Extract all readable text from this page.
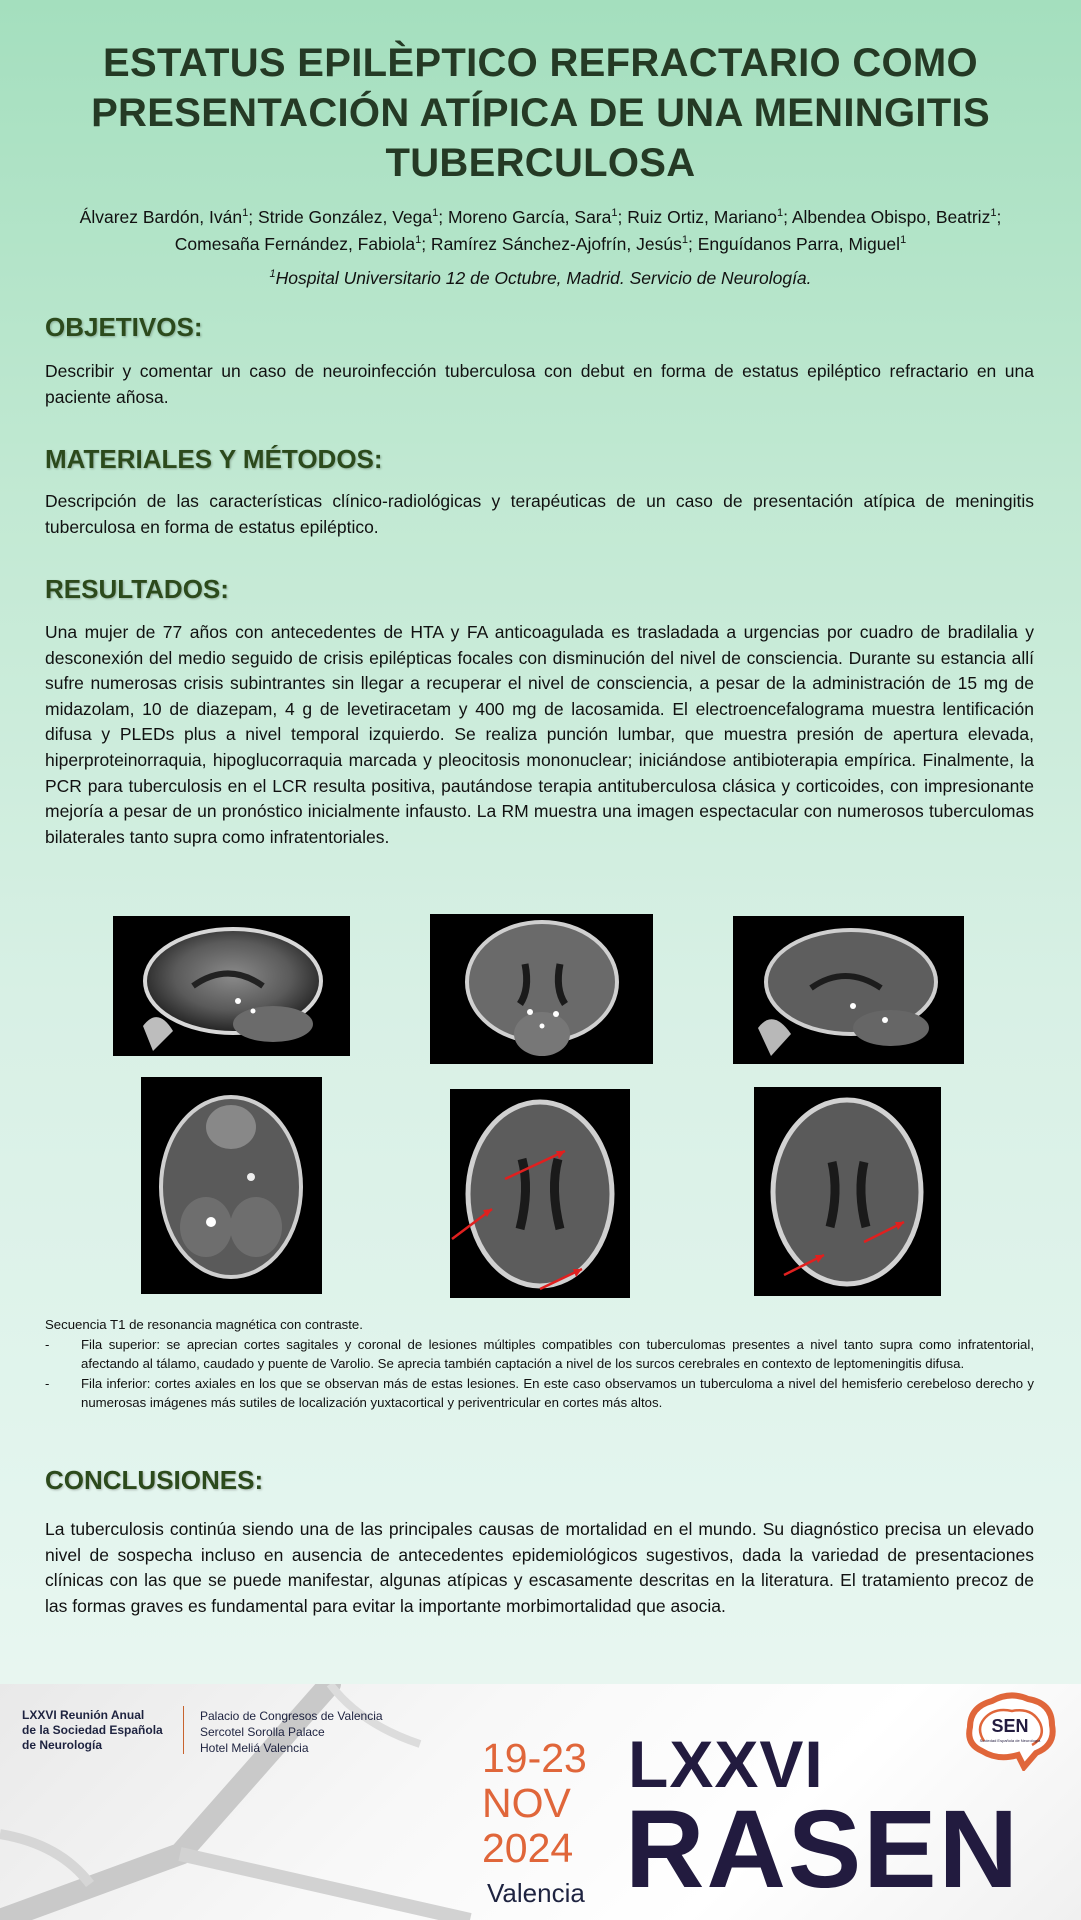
ESTATUS EPILÈPTICO REFRACTARIO COMO
PRESENTACIÓN ATÍPICA DE UNA MENINGITIS
TUBERCULOSA
Álvarez Bardón, Iván$^1$; Stride González, Vega$^1$; Moreno García, Sara$^1$; Ruiz Ortiz, Mariano$^1$; Albendea Obispo, Beatriz$^1$;
Comesaña Fernández, Fabiola$^1$; Ramírez Sánchez-Ajofrín, Jesús$^1$; Enguídanos Parra, Miguel$^1$
$^1$Hospital Universitario 12 de Octubre, Madrid. Servicio de Neurología.
OBJETIVOS:
Describir y comentar un caso de neuroinfección tuberculosa con debut en forma de estatus epiléptico refractario en una paciente añosa.
MATERIALES Y MÉTODOS:
Descripción de las características clínico-radiológicas y terapéuticas de un caso de presentación atípica de meningitis tuberculosa en forma de estatus epiléptico.
RESULTADOS:
Una mujer de 77 años con antecedentes de HTA y FA anticoagulada es trasladada a urgencias por cuadro de bradilalia y desconexión del medio seguido de crisis epilépticas focales con disminución del nivel de consciencia. Durante su estancia allí sufre numerosas crisis subintrantes sin llegar a recuperar el nivel de consciencia, a pesar de la administración de 15 mg de midazolam, 10 de diazepam, 4 g de levetiracetam y 400 mg de lacosamida. El electroencefalograma muestra lentificación difusa y PLEDs plus a nivel temporal izquierdo. Se realiza punción lumbar, que muestra presión de apertura elevada, hiperproteinorraquia, hipoglucorraquia marcada y pleocitosis mononuclear; iniciándose antibioterapia empírica. Finalmente, la PCR para tuberculosis en el LCR resulta positiva, pautándose terapia antituberculosa clásica y corticoides, con impresionante mejoría a pesar de un pronóstico inicialmente infausto. La RM muestra una imagen espectacular con numerosos tuberculomas bilaterales tanto supra como infratentoriales.
Secuencia T1 de resonancia magnética con contraste.
- Fila superior: se aprecian cortes sagitales y coronal de lesiones múltiples compatibles con tuberculomas presentes a nivel tanto supra como infratentorial, afectando al tálamo, caudado y puente de Varolio. Se aprecia también captación a nivel de los surcos cerebrales en contexto de leptomeningitis difusa.
- Fila inferior: cortes axiales en los que se observan más de estas lesiones. En este caso observamos un tuberculoma a nivel del hemisferio cerebeloso derecho y numerosas imágenes más sutiles de localización yuxtacortical y periventricular en cortes más altos.
CONCLUSIONES:
La tuberculosis continúa siendo una de las principales causas de mortalidad en el mundo. Su diagnóstico precisa un elevado nivel de sospecha incluso en ausencia de antecedentes epidemiológicos sugestivos, dada la variedad de presentaciones clínicas con las que se puede manifestar, algunas atípicas y escasamente descritas en la literatura. El tratamiento precoz de las formas graves es fundamental para evitar la importante morbimortalidad que asocia.
LXXVI Reunión Anual
de la Sociedad Española
de Neurología
Palacio de Congresos de Valencia
Sercotel Sorolla Palace
Hotel Meliá Valencia	19-23
NOV
2024
Valencia
LXXVI
RASEN
SEN
Sociedad Española de Neurología
